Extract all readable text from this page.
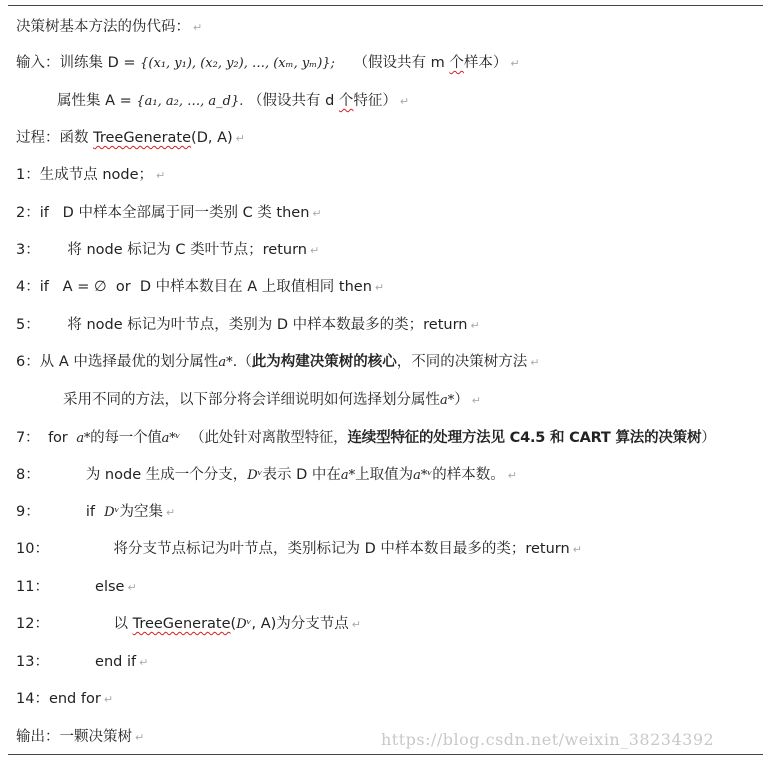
决策树基本方法的伪代码： ↵
输入：训练集 D = {(x₁, y₁), (x₂, y₂), …, (xₘ, yₘ)}; （假设共有 m 个样本） ↵
属性集 A = {a₁, a₂, …, a_d}. （假设共有 d 个特征） ↵
过程：函数 TreeGenerate(D, A) ↵
1：生成节点 node； ↵
2：if   D 中样本全部属于同一类别 C 类 then ↵
3：      将 node 标记为 C 类叶节点；return ↵
4：if   A = ∅  or  D 中样本数目在 A 上取值相同 then ↵
5：      将 node 标记为叶节点，类别为 D 中样本数最多的类；return ↵
6：从 A 中选择最优的划分属性a*.（此为构建决策树的核心，不同的决策树方法 ↵
采用不同的方法，以下部分将会详细说明如何选择划分属性a*） ↵
7：  for  a*的每一个值a*ᵛ （此处针对离散型特征，连续型特征的处理方法见 C4.5 和 CART 算法的决策树）
8：          为 node 生成一个分支，Dᵛ表示 D 中在a*上取值为a*ᵛ的样本数。 ↵
9：          if  Dᵛ为空集 ↵
10：              将分支节点标记为叶节点，类别标记为 D 中样本数目最多的类；return ↵
11：          else ↵
12：              以 TreeGenerate(Dᵛ, A)为分支节点 ↵
13：          end if ↵
14：end for ↵
输出：一颗决策树 ↵	https://blog.csdn.net/weixin_38234392
